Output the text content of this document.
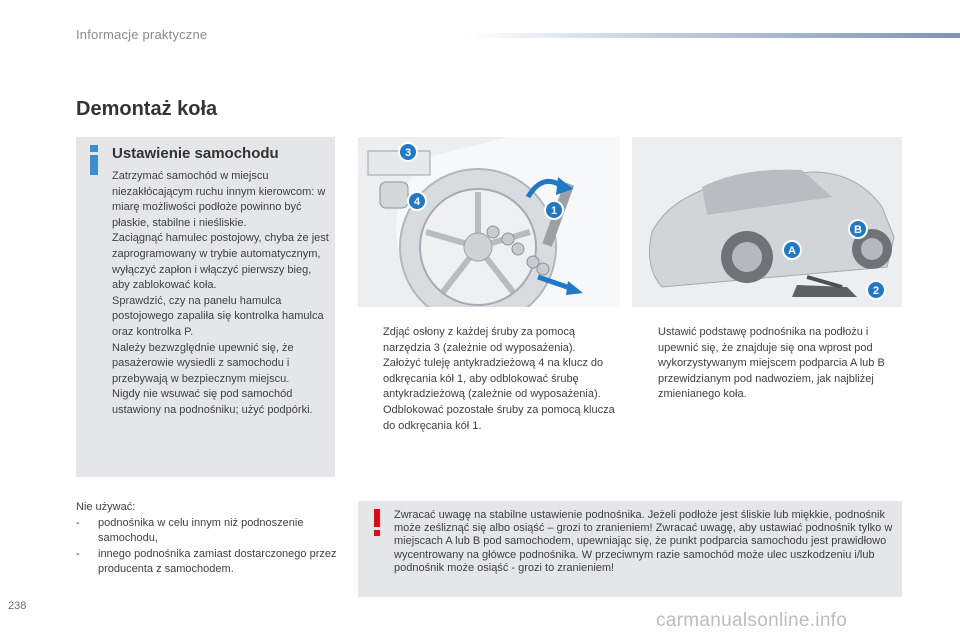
Informacje praktyczne
Demontaż koła
Ustawienie samochodu

Zatrzymać samochód w miejscu niezakłócającym ruchu innym kierowcom: w miarę możliwości podłoże powinno być płaskie, stabilne i nieśliskie.

Zaciągnąć hamulec postojowy, chyba że jest zaprogramowany w trybie automatycznym, wyłączyć zapłon i włączyć pierwszy bieg, aby zablokować koła.

Sprawdzić, czy na panelu hamulca postojowego zapaliła się kontrolka hamulca oraz kontrolka P.

Należy bezwzględnie upewnić się, że pasażerowie wysiedli z samochodu i przebywają w bezpiecznym miejscu.

Nigdy nie wsuwać się pod samochód ustawiony na podnośniku; użyć podpórki.

3
4
1
A
B
2
Zdjąć osłony z każdej śruby za pomocą narzędzia 3 (zależnie od wyposażenia).
Założyć tuleję antykradzieżową 4 na klucz do odkręcania kół 1, aby odblokować śrubę antykradzieżową (zależnie od wyposażenia).
Odblokować pozostałe śruby za pomocą klucza do odkręcania kół 1.
Ustawić podstawę podnośnika na podłożu i upewnić się, że znajduje się ona wprost pod wykorzystywanym miejscem podparcia A lub B przewidzianym pod nadwoziem, jak najbliżej zmienianego koła.
Nie używać:
- podnośnika w celu innym niż podnoszenie samochodu,
- innego podnośnika zamiast dostarczonego przez producenta z samochodem.
Zwracać uwagę na stabilne ustawienie podnośnika. Jeżeli podłoże jest śliskie lub miękkie, podnośnik może ześliznąć się albo osiąść – grozi to zranieniem! Zwracać uwagę, aby ustawiać podnośnik tylko w miejscach A lub B pod samochodem, upewniając się, że punkt podparcia samochodu jest prawidłowo wycentrowany na główce podnośnika. W przeciwnym razie samochód może ulec uszkodzeniu i/lub podnośnik może osiąść - grozi to zranieniem!
238
carmanualsonline.info
